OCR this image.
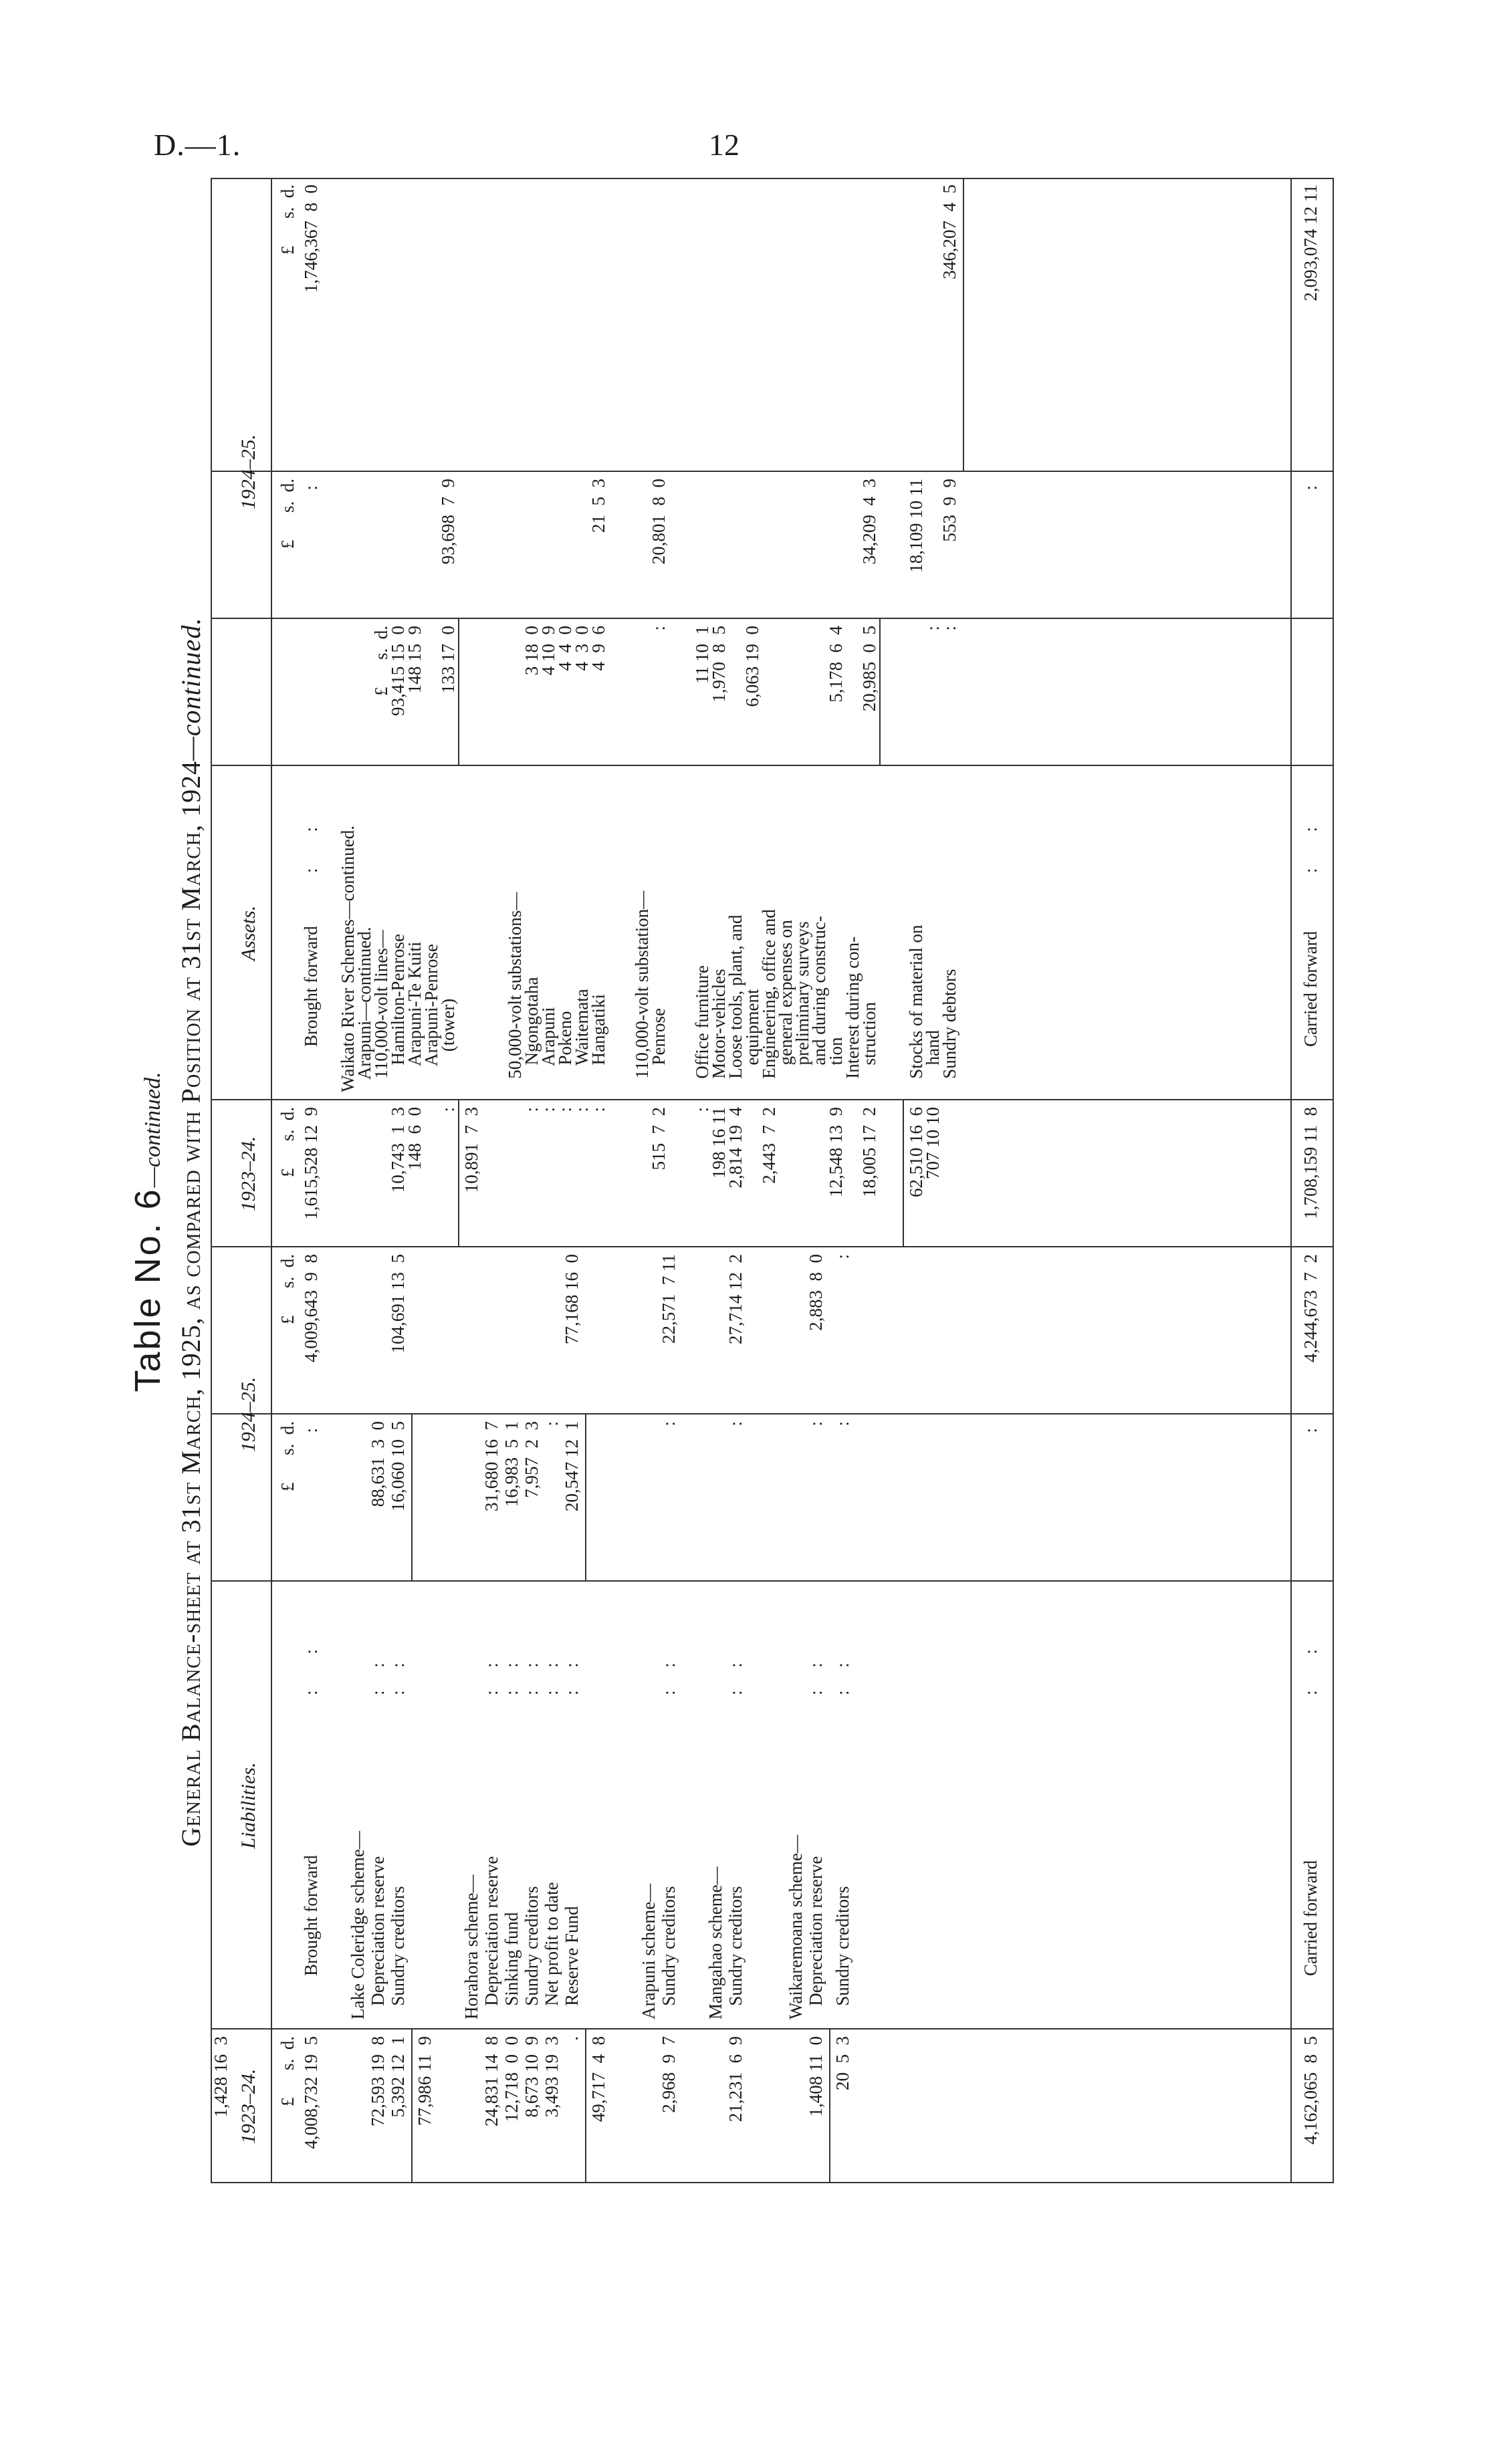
D.—1.	12
Table No. 6—continued. General Balance-sheet at 31st March, 1925, as compared with Position at 31st March, 1924—continued.
1923–24.
Liabilities.
1924–25.
1923–24.
Assets.
1924–25.
£      s.  d.
£      s.  d.
£      s.  d.
£      s.  d.
£      s.  d.
£      s.  d.
4,008,732 19  5
Brought forward
:        :
:
4,009,643  9  8
1,615,528 12  9
Brought forward
:        :
:
1,746,367  8  0
Lake Coleridge scheme—
72,593 19  8
Depreciation reserve
:     :
88,631  3  0
5,392 12  1
Sundry creditors
:     :
16,060 10  5
104,691 13  5
77,986 11  9
Horahora scheme—
24,831 14  8
Depreciation reserve
:     :
31,680 16  7
12,718  0  0
Sinking fund
:     :
16,983  5  1
8,673 10  9
Sundry creditors
:     :
7,957  2  3
3,493 19  3
Net profit to date
:     :
:
.
Reserve Fund
:     :
20,547 12  1
77,168 16  0
49,717  4  8
Arapuni scheme—
2,968  9  7
Sundry creditors
:     :
:
22,571  7 11
Mangahao scheme—
21,231  6  9
Sundry creditors
:     :
:
27,714 12  2
Waikaremoana scheme—
1,408 11  0
Depreciation reserve
:     :
:
2,883  8  0
20  5  3
Sundry creditors
:     :
:
:
1,428 16  3
Waikato River Schemes—continued.
Arapuni—continued.
110,000-volt lines—
£      s.  d.
10,743  1  3
Hamilton-Penrose
93,415 15  0
148  6  0
Arapuni-Te Kuiti
148 15  9
Arapuni-Penrose
:
(tower)
133 17  0
93,698  7  9
10,891  7  3
50,000-volt substations—
:
Ngongotaha
3 18  0
:
Arapuni
4 10  9
:
Pokeno
4  4  0
:
Waitemata
4  3  0
:
Hangatiki
4  9  6
21  5  3
110,000-volt substation—
515  7  2
Penrose
:
20,801  8  0
:
Office furniture
11 10  1
198 16 11
Motor-vehicles
1,970  8  5
2,814 19  4
Loose tools, plant, and
equipment
6,063 19  0
2,443  7  2
Engineering, office and
general expenses on
preliminary surveys
and during construc-
12,548 13  9
tion
5,178  6  4
Interest during con-
18,005 17  2
struction
20,985  0  5
34,209  4  3
62,510 16  6
Stocks of material on
18,109 10 11
707 10 10
hand
:
Sundry debtors
:
553  9  9
346,207  4  5
4,162,065  8  5
Carried forward
:        :
:
4,244,673  7  2
1,708,159 11  8
Carried forward
:        :
:
2,093,074 12 11
